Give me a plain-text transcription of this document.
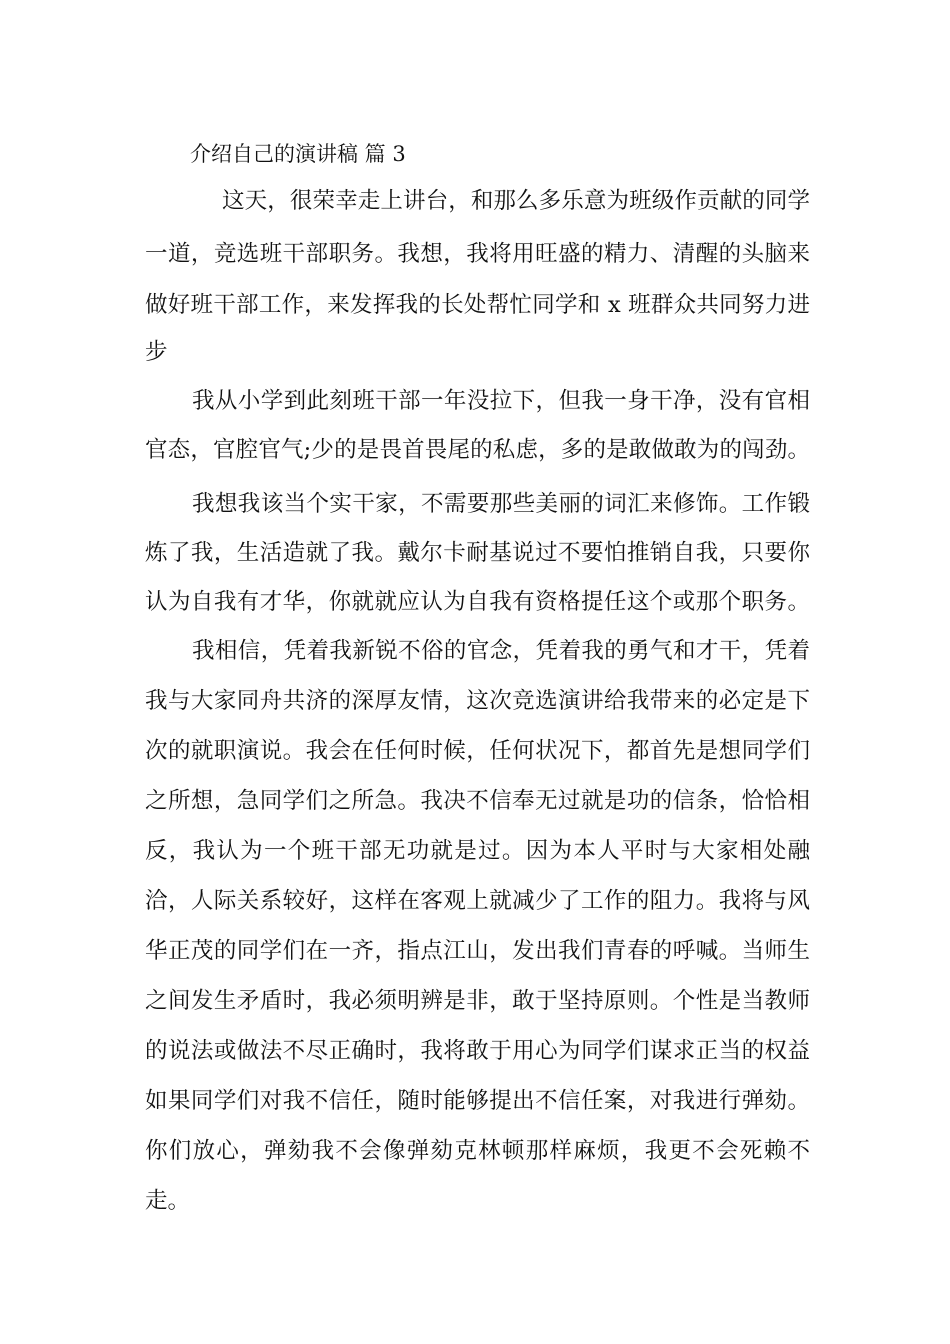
介绍自己的演讲稿 篇 3
这天，很荣幸走上讲台，和那么多乐意为班级作贡献的同学
一道，竞选班干部职务。我想，我将用旺盛的精力、清醒的头脑来
做好班干部工作，来发挥我的长处帮忙同学和 x 班群众共同努力进
步
我从小学到此刻班干部一年没拉下，但我一身干净，没有官相
官态，官腔官气;少的是畏首畏尾的私虑，多的是敢做敢为的闯劲。
我想我该当个实干家，不需要那些美丽的词汇来修饰。工作锻
炼了我，生活造就了我。戴尔卡耐基说过不要怕推销自我，只要你
认为自我有才华，你就就应认为自我有资格提任这个或那个职务。
我相信，凭着我新锐不俗的官念，凭着我的勇气和才干，凭着
我与大家同舟共济的深厚友情，这次竞选演讲给我带来的必定是下
次的就职演说。我会在任何时候，任何状况下，都首先是想同学们
之所想，急同学们之所急。我决不信奉无过就是功的信条，恰恰相
反，我认为一个班干部无功就是过。因为本人平时与大家相处融
洽，人际关系较好，这样在客观上就减少了工作的阻力。我将与风
华正茂的同学们在一齐，指点江山，发出我们青春的呼喊。当师生
之间发生矛盾时，我必须明辨是非，敢于坚持原则。个性是当教师
的说法或做法不尽正确时，我将敢于用心为同学们谋求正当的权益
如果同学们对我不信任，随时能够提出不信任案，对我进行弹劾。
你们放心，弹劾我不会像弹劾克林顿那样麻烦，我更不会死赖不
走。
